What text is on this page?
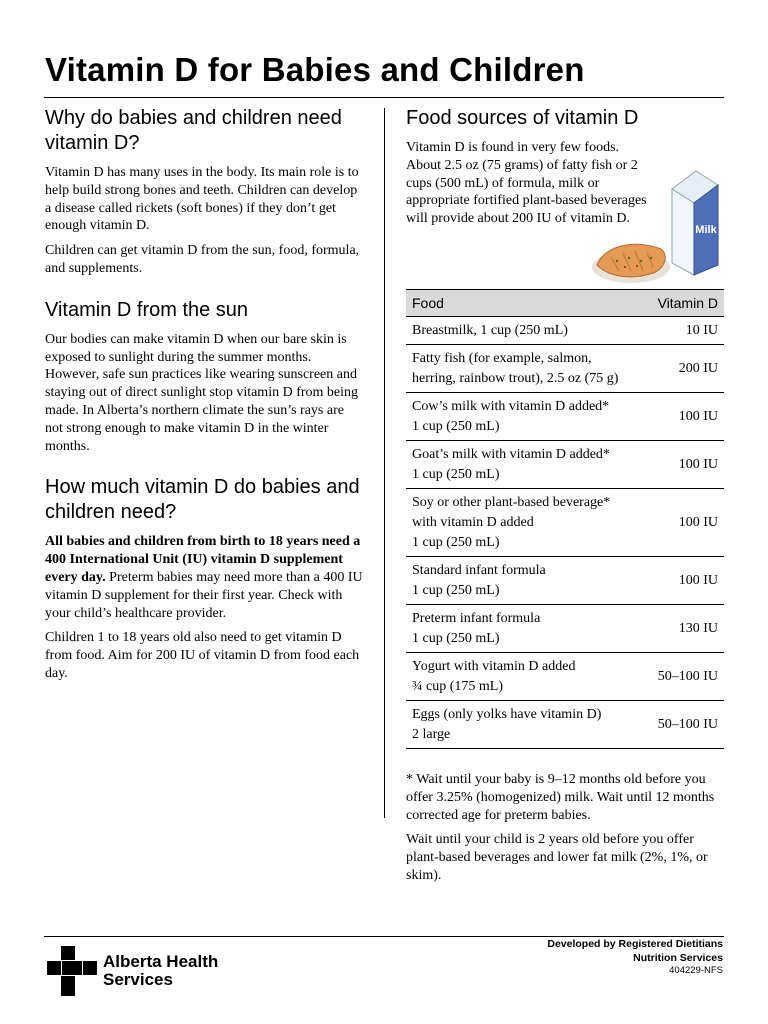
Vitamin D for Babies and Children
Why do babies and children need vitamin D?

Vitamin D has many uses in the body. Its main role is to help build strong bones and teeth. Children can develop a disease called rickets (soft bones) if they don’t get enough vitamin D.

Children can get vitamin D from the sun, food, formula, and supplements.

Vitamin D from the sun

Our bodies can make vitamin D when our bare skin is exposed to sunlight during the summer months. However, safe sun practices like wearing sunscreen and staying out of direct sunlight stop vitamin D from being made. In Alberta’s northern climate the sun’s rays are not strong enough to make vitamin D in the winter months.

How much vitamin D do babies and children need?

All babies and children from birth to 18 years need a 400 International Unit (IU) vitamin D supplement every day. Preterm babies may need more than a 400 IU vitamin D supplement for their first year. Check with your child’s healthcare provider.

Children 1 to 18 years old also need to get vitamin D from food. Aim for 200 IU of vitamin D from food each day.

Food sources of vitamin D

Vitamin D is found in very few foods. About 2.5 oz (75 grams) of fatty fish or 2 cups (500 mL) of formula, milk or appropriate fortified plant-based beverages will provide about 200 IU of vitamin D.

Milk
Food	Vitamin D

Breastmilk, 1 cup (250 mL)	10 IU

Fatty fish (for example, salmon,
herring, rainbow trout), 2.5 oz (75 g)	200 IU

Cow’s milk with vitamin D added*
1 cup (250 mL)	100 IU

Goat’s milk with vitamin D added*
1 cup (250 mL)	100 IU

Soy or other plant-based beverage*
with vitamin D added
1 cup (250 mL)	100 IU

Standard infant formula
1 cup (250 mL)	100 IU

Preterm infant formula
1 cup (250 mL)	130 IU

Yogurt with vitamin D added
¾ cup (175 mL)	50–100 IU

Eggs (only yolks have vitamin D)
2 large	50–100 IU

* Wait until your baby is 9–12 months old before you offer 3.25% (homogenized) milk. Wait until 12 months corrected age for preterm babies.

Wait until your child is 2 years old before you offer plant-based beverages and lower fat milk (2%, 1%, or skim).

Alberta Health
Services
Developed by Registered Dietitians
Nutrition Services
404229-NFS
